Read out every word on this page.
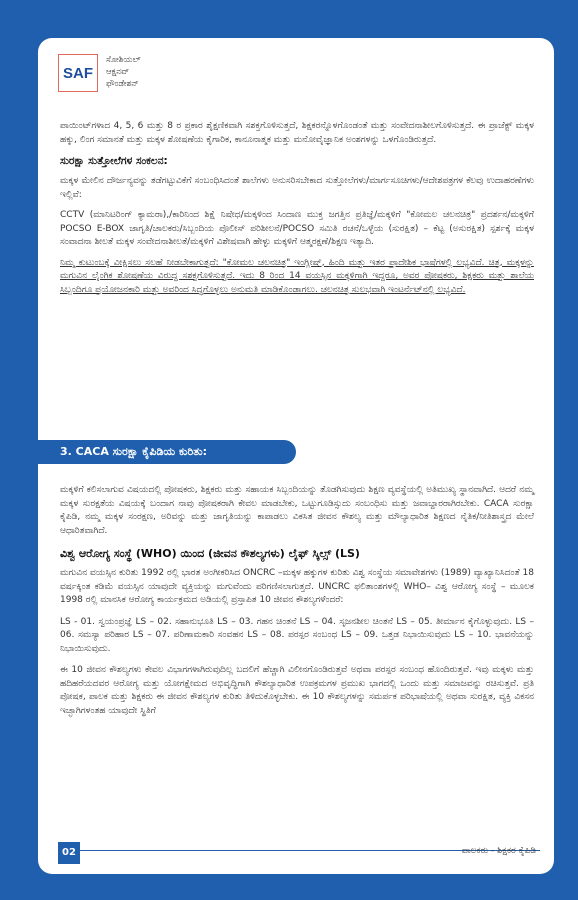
SAF
ಸೋಶಿಯಲ್
ಆಕ್ಷನವ್
ಫೌಂಡೇಶನ್

ಪಾಯಿಂಟ್‌ಗಳಾದ 4, 5, 6 ಮತ್ತು 8 ರ ಪ್ರಕಾರ ಶೈಕ್ಷಣಿಕವಾಗಿ ಸಶಕ್ತಗೊಳಿಸುತ್ತದೆ, ಶಿಕ್ಷಕರನ್ನೊಳಗೊಂಡಂತೆ ಮತ್ತು ಸಂವೇದನಾಶೀಲಗೊಳಿಸುತ್ತದೆ. ಈ ಪ್ರಾಜೆಕ್ಟ್ ಮಕ್ಕಳ ಹಕ್ಕು, ಲಿಂಗ ಸಮಾನತೆ ಮತ್ತು ಮಕ್ಕಳ ಶೋಷಣೆಯ ಕೈಗಾರಿಕ, ಕಾನೂನಾತ್ಮಕ ಮತ್ತು ಮನೋವೈಜ್ಞಾನಿಕ ಅಂಶಗಳನ್ನು ಒಳಗೊಂಡಿರುತ್ತದೆ.

ಸುರಕ್ಷಾ ಸುತ್ತೋಲೆಗಳ ಸಂಕಲನ:

ಮಕ್ಕಳ ಮೇಲಿನ ದೌರ್ಜನ್ಯವನ್ನು ತಡೆಗಟ್ಟುವಿಕೆಗೆ ಸಂಬಂಧಿಸಿದಂತೆ ಶಾಲೆಗಳು ಅನುಸರಿಸಬೇಕಾದ ಸುತ್ತೋಲೆಗಳು/ಮಾರ್ಗಸೂಚಿಗಳು/ಆದೇಶಪತ್ರಗಳ ಕೆಲವು ಉದಾಹರಣೆಗಳು ಇಲ್ಲಿವೆ:

CCTV (ಮಾನಿಟರಿಂಗ್ ಕ್ಯಾಮರಾ),/ಕಾರಿನಿಂದ ಶಿಕ್ಷೆ ನಿಷೇಧ/ಮಕ್ಕಳಿಂದ ಸಿಂದಾಣ ಮುಕ್ತ ಜಗತ್ತಿನ ಪ್ರತಿಜ್ಞೆ/ಮಕ್ಕಳಿಗೆ "ಕೋಮಲ ಚಲನಚಿತ್ರ" ಪ್ರದರ್ಶನ/ಮಕ್ಕಳಿಗೆ POCSO E-BOX ಜಾಗೃತಿ/ಚಾಲಕರು/ಸಿಬ್ಬಂದಿಯ ಪೊಲೀಸ್ ಪರಿಶೀಲನೆ/POCSO ಸಮಿತಿ ರಚನೆ/ಒಳ್ಳೆಯ (ಸುರಕ್ಷಿತ) – ಕೆಟ್ಟ (ಅಸುರಕ್ಷಿತ) ಸ್ಪರ್ಶಕ್ಕೆ ಮಕ್ಕಳ ಸಂವಾದನಾ ಶೀಲತೆ ಮಕ್ಕಳ ಸಂವೇದನಾಶೀಲತೆ/ಮಕ್ಕಳಿಗೆ ವಿಶೇಷವಾಗಿ ಹೇಳ್ಳು ಮಕ್ಕಳಿಗೆ ಆತ್ಮರಕ್ಷಣೆ/ಶಿಕ್ಷಣ ಇತ್ಯಾದಿ.

ನಿಮ್ಮ ಕುಟುಂಬಕ್ಕೆ ವೀಕ್ಷಿಸಲು ಸಲಹೆ ನೀಡಬೇಕಾಗುತ್ತದೆ: "ಕೋಮಲ ಚಲನಚಿತ್ರ" ಇಂಗ್ಲೀಷ್, ಹಿಂದಿ ಮತ್ತು ಇತರ ಪ್ರಾದೇಶಿಕ ಭಾಷೆಗಳಲ್ಲಿ ಲಭ್ಯವಿದೆ. ಚಿತ್ರ, ಮಕ್ಕಳನ್ನು ಮಗುವಿನ ಲೈಂಗಿಕ ಶೋಷಣೆಯ ವಿರುದ್ಧ ಸಶಕ್ತಗೊಳಿಸುತ್ತದೆ. ಇದು 8 ರಿಂದ 14 ವಯಸ್ಸಿನ ಮಕ್ಕಳಿಗಾಗಿ ಇದ್ದರೂ, ಅವರ ಪೋಷಕರು, ಶಿಕ್ಷಕರು ಮತ್ತು ಶಾಲೆಯ ಸಿಬ್ಬಂದಿಗೂ ಪ್ರಯೋಜನಕಾರಿ ಮತ್ತು ಅವರಿಂದ ಸಿದ್ಧಗೊಳ್ಳಲು ಅನುಮತಿ ಮಾಡಿಕೊಂಡಾಗಲು. ಚಲನಚಿತ್ರ ಸುಲಭವಾಗಿ ಇಂಟರ್ನೆಟ್‌ನಲ್ಲಿ ಲಭ್ಯವಿದೆ.

3. CACA ಸುರಕ್ಷಾ ಕೈಪಿಡಿಯ ಕುರಿತು:

ಮಕ್ಕಳಿಗೆ ಕಲಿಸಲಾಗುವ ವಿಷಯದಲ್ಲಿ ಪೋಷಕರು, ಶಿಕ್ಷಕರು ಮತ್ತು ಸಹಾಯಕ ಸಿಬ್ಬಂದಿಯನ್ನು ತೊಡಗಿಸುವುದು ಶಿಕ್ಷಣ ವ್ಯವಸ್ಥೆಯಲ್ಲಿ ಅತಿಮುಖ್ಯ ಸ್ಥಾನವಾಗಿದೆ. ಆದರೆ ನಮ್ಮ ಮಕ್ಕಳ ಸುರಕ್ಷತೆಯ ವಿಷಯಕ್ಕೆ ಬಂದಾಗ ನಾವು ಪೋಷಕರಾಗಿ ಕೇವಲ ಮಾಡಬೇಕು, ಒಟ್ಟುಗೂಡಿಸ್ಸುದು ಸಂಬಂಧಿಸು ಮತ್ತು ಜವಾಬ್ದಾರರಾಗಿರಬೇಕು. CACA ಸುರಕ್ಷಾ ಕೈಪಿಡಿ, ನಮ್ಮ ಮಕ್ಕಳ ಸಂರಕ್ಷಣ, ಅರಿವನ್ನು ಮತ್ತು ಜಾಗೃತಿಯನ್ನು ಕಾಪಾಡಲು ವಿಕಸಿತ ಜೀವನ ಕೌಶಲ್ಯ ಮತ್ತು ಮೌಲ್ಯಾಧಾರಿತ ಶಿಕ್ಷಣದ ನೈತಿಕ/ನೀತಿಶಾಸ್ತ್ರದ ಮೇಲೆ ಆಧಾರಿತವಾಗಿದೆ.

ವಿಶ್ವ ಆರೋಗ್ಯ ಸಂಸ್ಥೆ (WHO) ಯಿಂದ (ಜೀವನ ಕೌಶಲ್ಯಗಳು) ಲೈಫ್ ಸ್ಕಿಲ್ಸ್ (LS)

ಮಗುವಿನ ವಯಸ್ಸಿನ ಕುರಿತು 1992 ರಲ್ಲಿ ಭಾರತ ಅಂಗೀಕರಿಸಿದ ONCRC –ಮಕ್ಕಳ ಹಕ್ಕುಗಳ ಕುರಿತು ವಿಶ್ವ ಸಂಸ್ಥೆಯ ಸಮಾವೇಶಗಳು (1989) ವ್ಯಾಖ್ಯಾನಿಸಿದಂತೆ 18 ವರ್ಷಕ್ಕಿಂತ ಕಡಿಮೆ ವಯಸ್ಸಿನ ಯಾವುದೇ ವ್ಯಕ್ತಿಯನ್ನು ಮಗುವೆಂದು ಪರಿಗಣಿಸಲಾಗುತ್ತದೆ. UNCRC ಫಲಿತಾಂಶಗಳಲ್ಲಿ WHO– ವಿಶ್ವ ಆರೋಗ್ಯ ಸಂಸ್ಥೆ – ಮೂಲಕ 1998 ರಲ್ಲಿ ಮಾನಸಿಕ ಆರೋಗ್ಯ ಕಾರ್ಯಕ್ರಮದ ಅಡಿಯಲ್ಲಿ ಪ್ರಸ್ತಾಪಿತ 10 ಜೀವನ ಕೌಶಲ್ಯಗಳೆಂದರೆ:

LS - 01. ಸ್ವಯಂಪ್ರಜ್ಞೆ LS – 02. ಸಹಾನುಭೂತಿ LS – 03. ಗಹನ ಚಿಂತನೆ LS – 04. ಸೃಜನಶೀಲ ಚಿಂತನೆ LS – 05. ತೀರ್ಮಾನ ಕೈಗೊಳ್ಳುವುದು. LS – 06. ಸಮಸ್ಯಾ ಪರಿಹಾರ LS – 07. ಪರಿಣಾಮಕಾರಿ ಸಂವಹನ LS – 08. ಪರಸ್ಪರ ಸಂಬಂಧ LS – 09. ಒತ್ತಡ ನಿಭಾಯಿಸುವುದು LS – 10. ಭಾವನೆಯನ್ನು ನಿಭಾಯಿಸುವುದು.

ಈ 10 ಜೀವನ ಕೌಶಲ್ಯಗಳು ಕೇವಲ ವಿಭಾಗಗಳಾಗಿರುವುದಿಲ್ಲ ಬದಲಿಗೆ ಹೆಚ್ಚಾಗಿ ವಿಲೀನಗೊಂಡಿರುತ್ತವೆ ಅಥವಾ ಪರಸ್ಪರ ಸಂಬಂಧ ಹೊಂದಿರುತ್ತವೆ. ಇವು ಮಕ್ಕಳು ಮತ್ತು ಹದಿಹರೆಯದವರ ಆರೋಗ್ಯ ಮತ್ತು ಯೋಗಕ್ಷೇಮದ ಅಭಿವೃದ್ಧಿಗಾಗಿ ಕೌಶಲ್ಯಾಧಾರಿತ ಉಪಕ್ರಮಗಳ ಪ್ರಮುಖ ಭಾಗದಲ್ಲಿ ಒಂದು ಮತ್ತು ಸಮಾಜವನ್ನು ರಚಿಸುತ್ತವೆ. ಪ್ರತಿ ಪೋಷಕ, ಪಾಲಕ ಮತ್ತು ಶಿಕ್ಷಕರು ಈ ಜೀವನ ಕೌಶಲ್ಯಗಳ ಕುರಿತು ತಿಳಿದುಕೊಳ್ಳಬೇಕು. ಈ 10 ಕೌಶಲ್ಯಗಳನ್ನು ಸಮರ್ಪಕ ಪರಿಭಾಷೆಯಲ್ಲಿ ಅಥವಾ ಸುರಕ್ಷಿತ, ವ್ಯಕ್ತಿ ವಿಕಸನ ಇಚ್ಛಾಗಿಗಳಂತಹ ಯಾವುದೇ ಸ್ಥಿತಿಗೆ

02	ಪಾಲಕರು - ಶಿಕ್ಷಕರ ಕೈಪಿಡಿ
